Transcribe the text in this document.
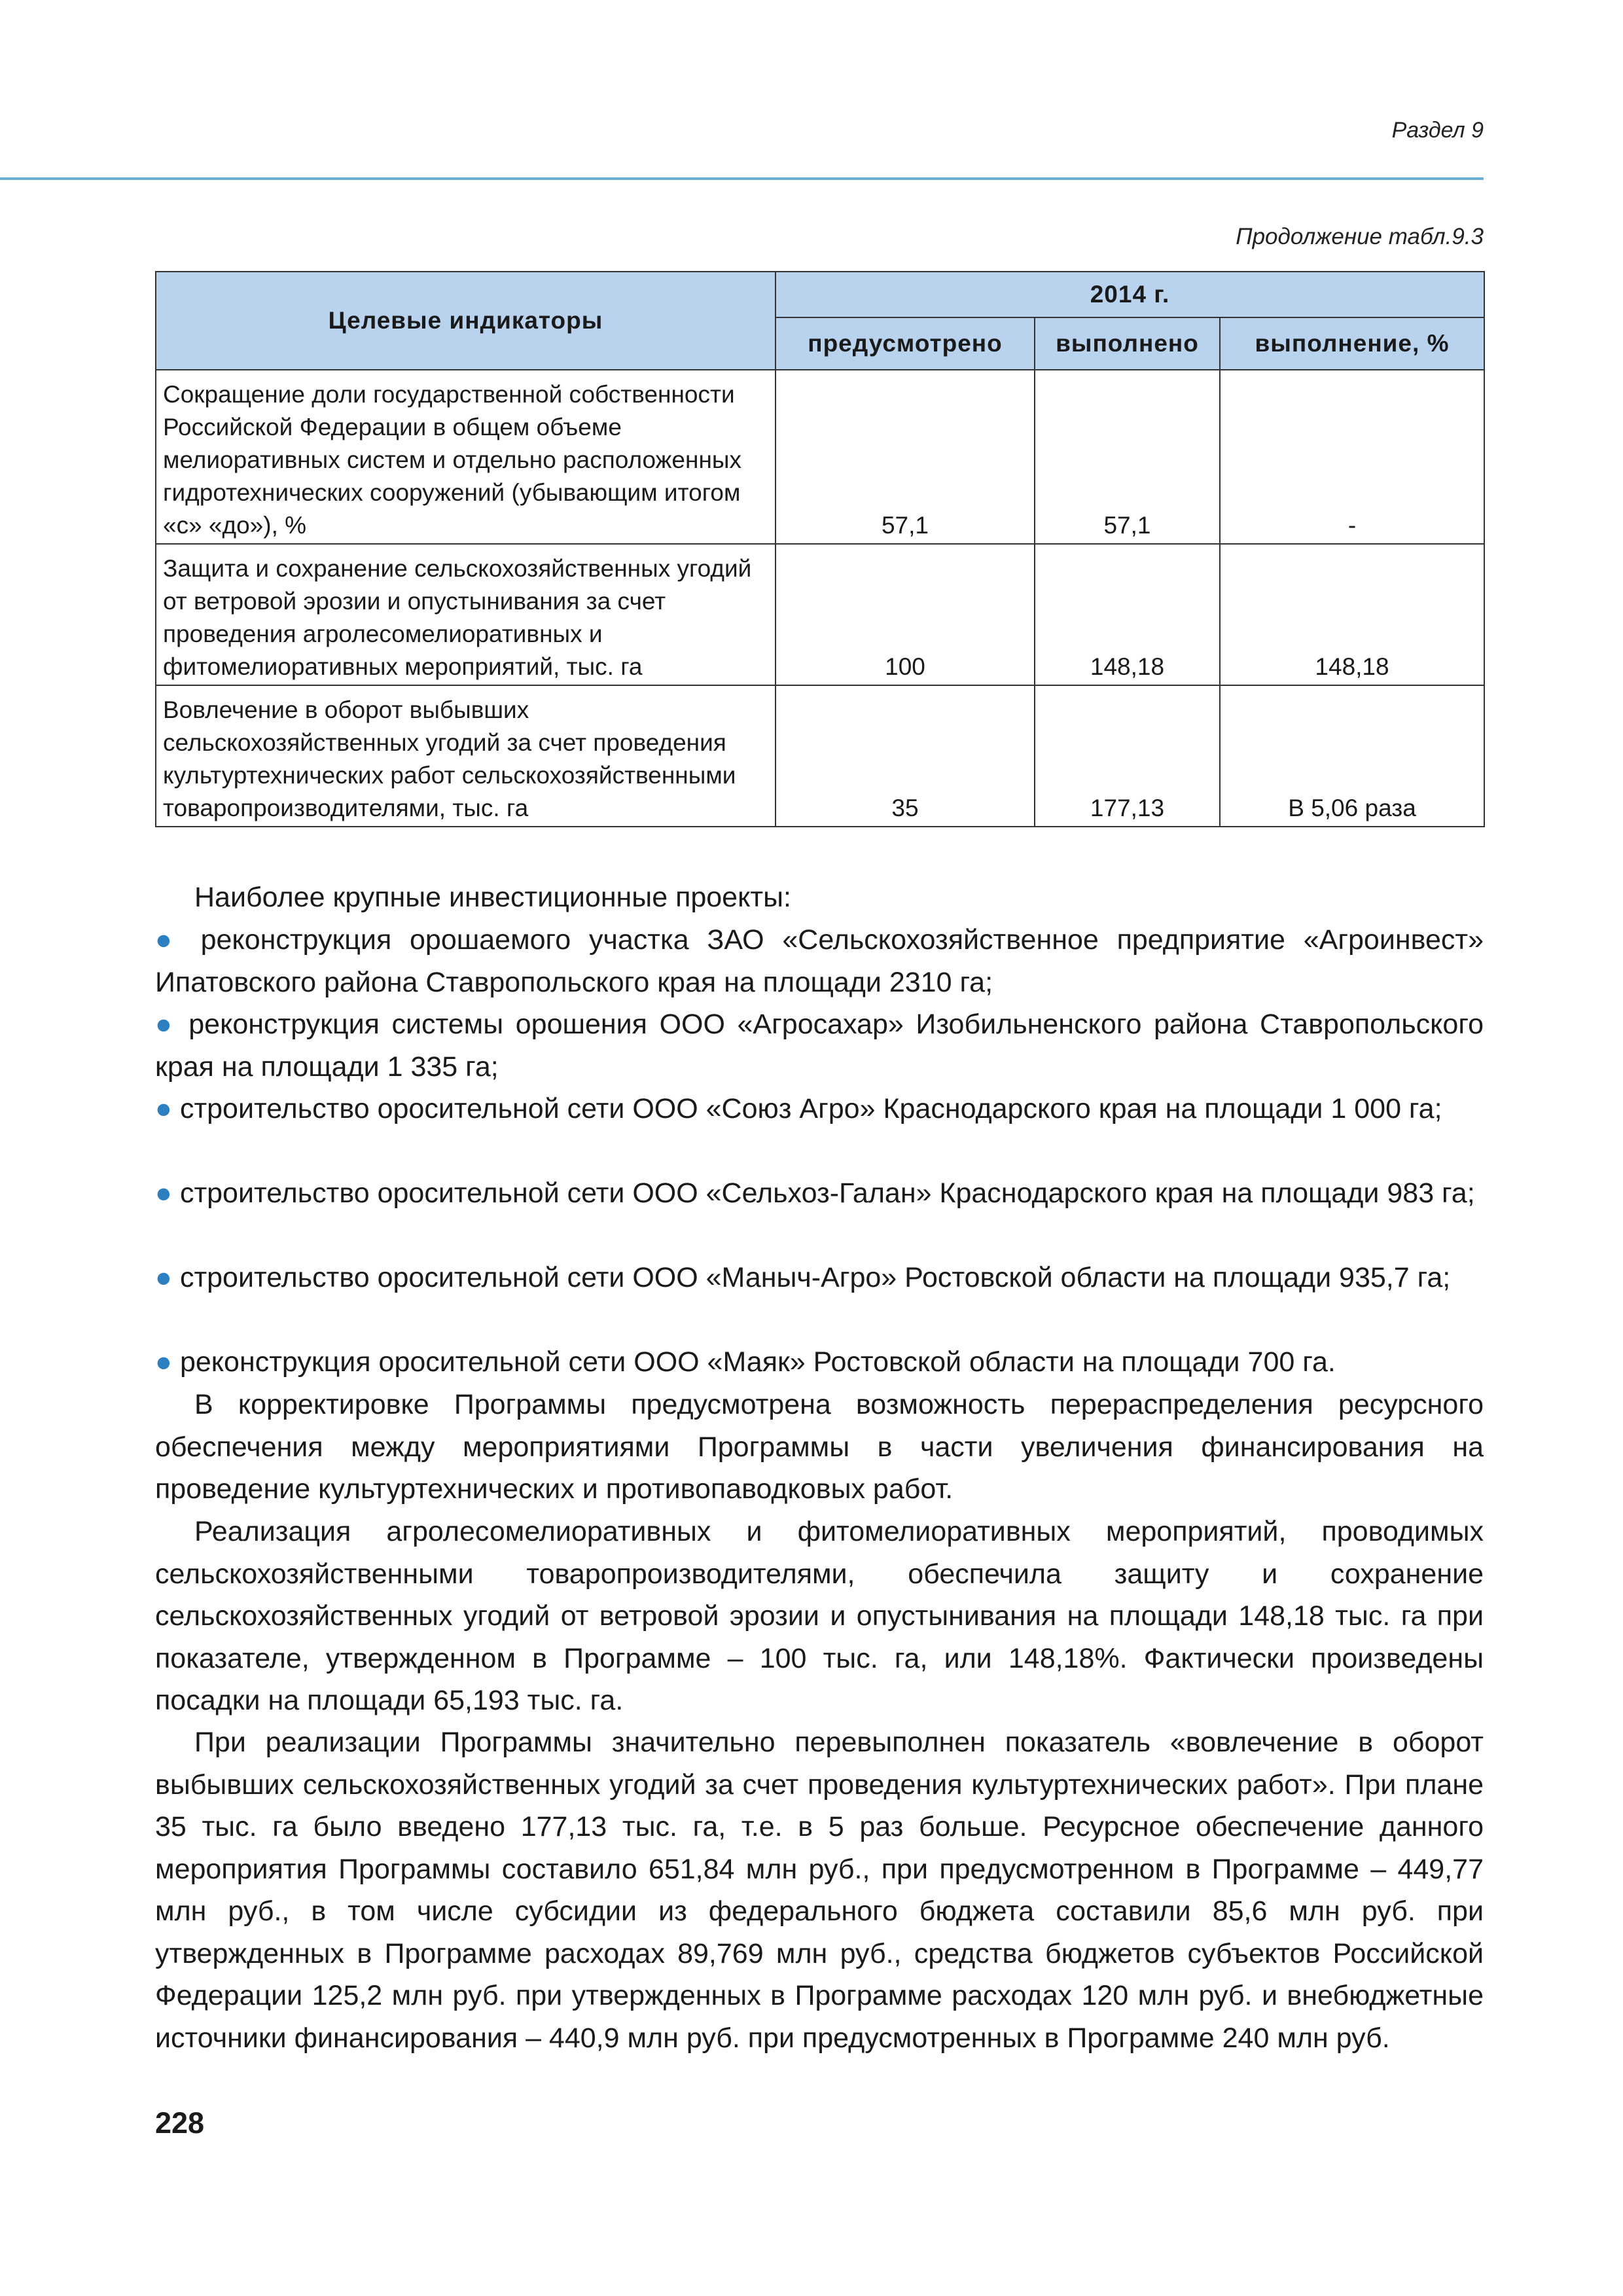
Раздел 9
Продолжение табл.9.3
Целевые индикаторы	2014 г.		
	предусмотрено	выполнено	выполнение, %
Сокращение доли государственной собственности Российской Федерации в общем объеме мелиоративных систем и отдельно расположенных гидротехнических сооружений (убывающим итогом «с» «до»), %	57,1	57,1	-
Защита и сохранение сельскохозяйственных угодий от ветровой эрозии и опустынивания за счет проведения агролесомелиоративных и фитомелиоративных мероприятий, тыс. га	100	148,18	148,18
Вовлечение в оборот выбывших сельскохозяйственных угодий за счет проведения культуртехнических работ сельскохозяйственными товаропроизводителями, тыс. га	35	177,13	В 5,06 раза

Наиболее крупные инвестиционные проекты:

● реконструкция орошаемого участка ЗАО «Сельскохозяйственное предприятие «Агроинвест» Ипатовского района Ставропольского края на площади 2310 га;

● реконструкция системы орошения ООО «Агросахар» Изобильненского района Ставропольского края на площади 1 335 га;

● строительство оросительной сети ООО «Союз Агро» Краснодарского края на площади 1 000 га;

● строительство оросительной сети ООО «Сельхоз-Галан» Краснодарского края на площади 983 га;

● строительство оросительной сети ООО «Маныч-Агро» Ростовской области на площади 935,7 га;

● реконструкция оросительной сети ООО «Маяк» Ростовской области на площади 700 га.

В корректировке Программы предусмотрена возможность перераспределения ресурсного обеспечения между мероприятиями Программы в части увеличения финансирования на проведение культуртехнических и противопаводковых работ.

Реализация агролесомелиоративных и фитомелиоративных мероприятий, проводимых сельскохозяйственными товаропроизводителями, обеспечила защиту и сохранение сельскохозяйственных угодий от ветровой эрозии и опустынивания на площади 148,18 тыс. га при показателе, утвержденном в Программе – 100 тыс. га, или 148,18%. Фактически произведены посадки на площади 65,193 тыс. га.

При реализации Программы значительно перевыполнен показатель «вовлечение в оборот выбывших сельскохозяйственных угодий за счет проведения культуртехнических работ». При плане 35 тыс. га было введено 177,13 тыс. га, т.е. в 5 раз больше. Ресурсное обеспечение данного мероприятия Программы составило 651,84 млн руб., при предусмотренном в Программе – 449,77 млн руб., в том числе субсидии из федерального бюджета составили 85,6 млн руб. при утвержденных в Программе расходах 89,769 млн руб., средства бюджетов субъектов Российской Федерации 125,2 млн руб. при утвержденных в Программе расходах 120 млн руб. и внебюджетные источники финансирования – 440,9 млн руб. при предусмотренных в Программе 240 млн руб.

228
